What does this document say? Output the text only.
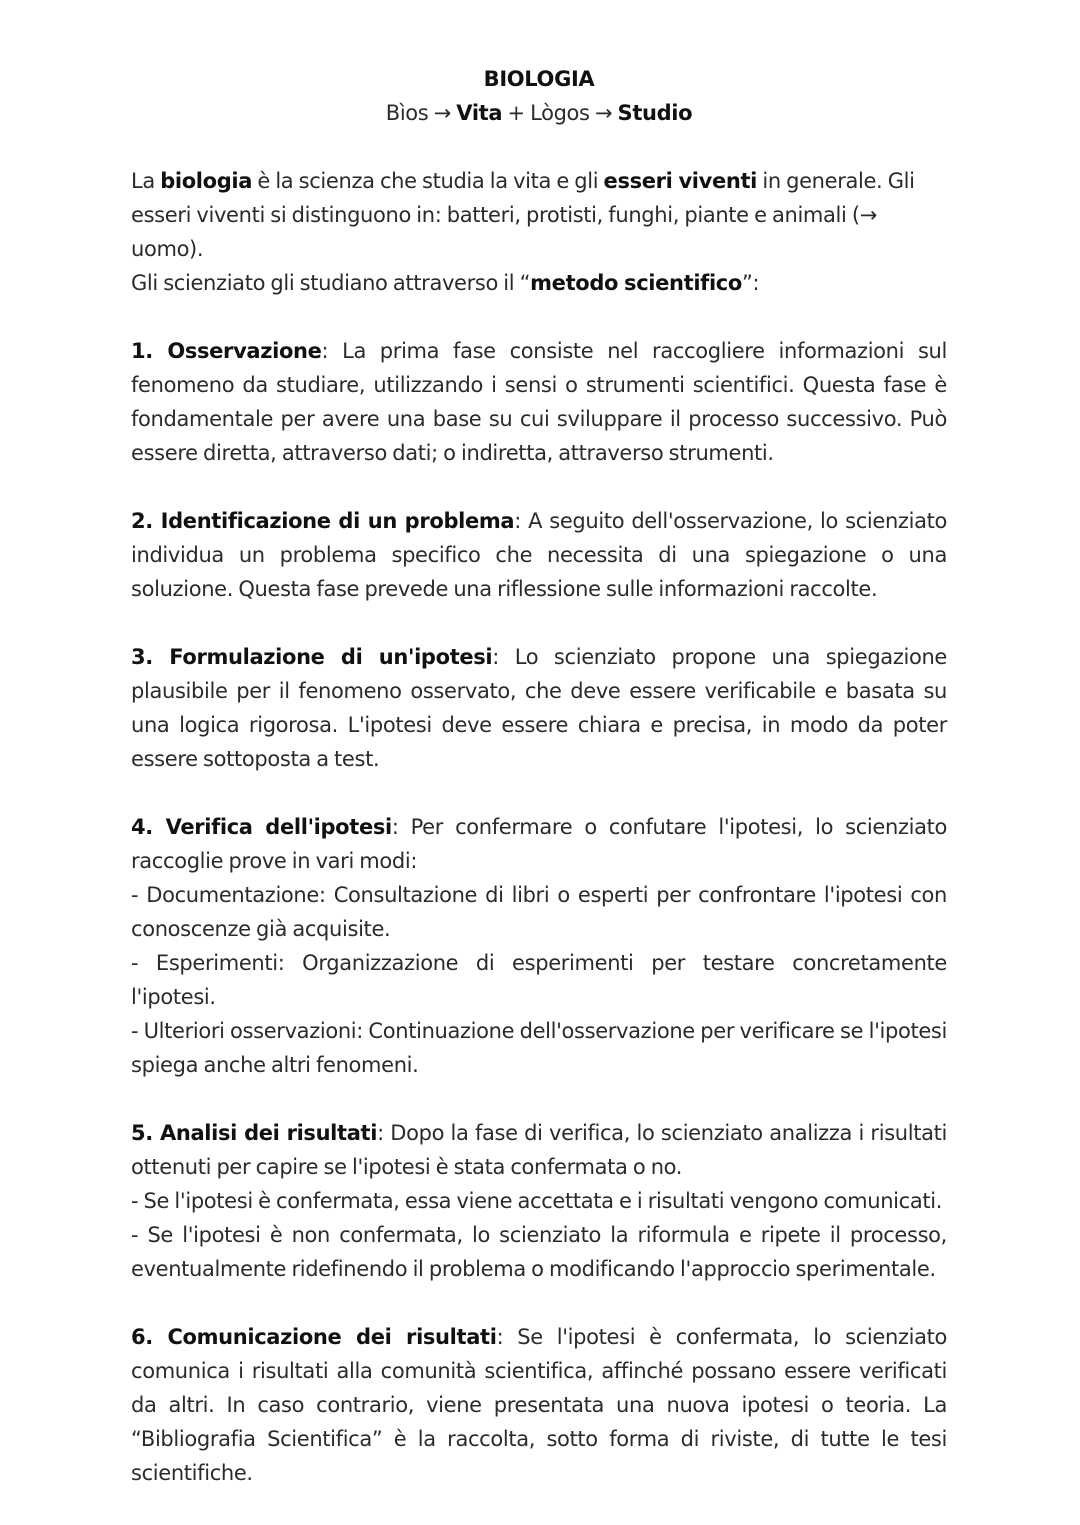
BIOLOGIA

Bìos → Vita + Lògos → Studio

La biologia è la scienza che studia la vita e gli esseri viventi in generale. Gli esseri viventi si distinguono in: batteri, protisti, funghi, piante e animali (→ uomo).

Gli scienziato gli studiano attraverso il “metodo scientifico”:

1. Osservazione: La prima fase consiste nel raccogliere informazioni sul fenomeno da studiare, utilizzando i sensi o strumenti scientifici. Questa fase è fondamentale per avere una base su cui sviluppare il processo successivo. Può essere diretta, attraverso dati; o indiretta, attraverso strumenti.

2. Identificazione di un problema: A seguito dell'osservazione, lo scienziato individua un problema specifico che necessita di una spiegazione o una soluzione. Questa fase prevede una riflessione sulle informazioni raccolte.

3. Formulazione di un'ipotesi: Lo scienziato propone una spiegazione plausibile per il fenomeno osservato, che deve essere verificabile e basata su una logica rigorosa. L'ipotesi deve essere chiara e precisa, in modo da poter essere sottoposta a test.

4. Verifica dell'ipotesi: Per confermare o confutare l'ipotesi, lo scienziato raccoglie prove in vari modi:

- Documentazione: Consultazione di libri o esperti per confrontare l'ipotesi con conoscenze già acquisite.

- Esperimenti: Organizzazione di esperimenti per testare concretamente l'ipotesi.

- Ulteriori osservazioni: Continuazione dell'osservazione per verificare se l'ipotesi spiega anche altri fenomeni.

5. Analisi dei risultati: Dopo la fase di verifica, lo scienziato analizza i risultati ottenuti per capire se l'ipotesi è stata confermata o no.

- Se l'ipotesi è confermata, essa viene accettata e i risultati vengono comunicati.

- Se l'ipotesi è non confermata, lo scienziato la riformula e ripete il processo, eventualmente ridefinendo il problema o modificando l'approccio sperimentale.

6. Comunicazione dei risultati: Se l'ipotesi è confermata, lo scienziato comunica i risultati alla comunità scientifica, affinché possano essere verificati da altri. In caso contrario, viene presentata una nuova ipotesi o teoria. La “Bibliografia Scientifica” è la raccolta, sotto forma di riviste, di tutte le tesi scientifiche.
